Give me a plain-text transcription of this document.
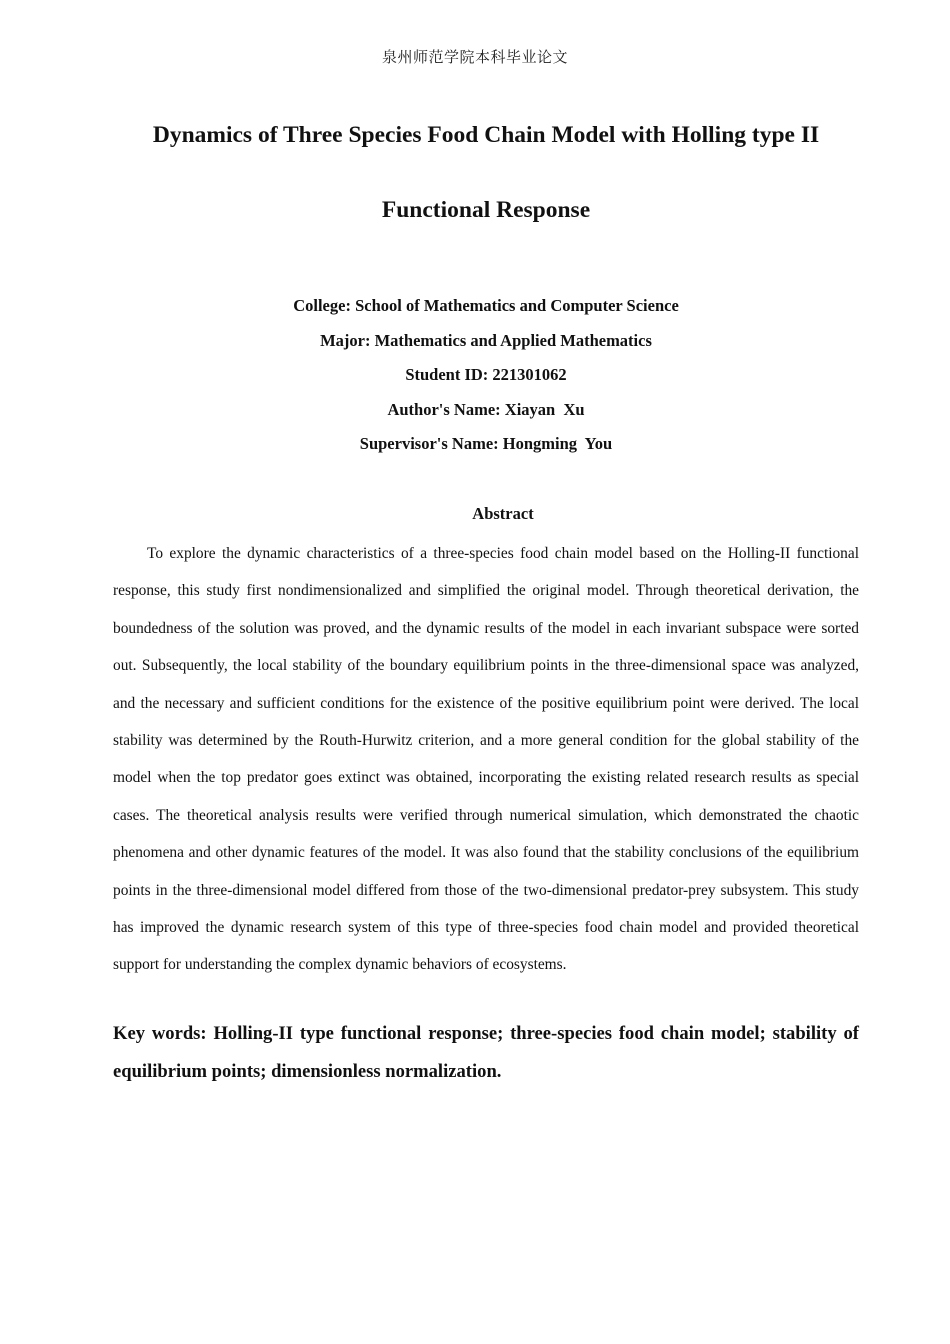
泉州师范学院本科毕业论文
Dynamics of Three Species Food Chain Model with Holling type II
Functional Response
College: School of Mathematics and Computer Science
Major: Mathematics and Applied Mathematics
Student ID: 221301062
Author's Name: Xiayan  Xu
Supervisor's Name: Hongming  You
Abstract
To explore the dynamic characteristics of a three-species food chain model based on the Holling-II functional response, this study first nondimensionalized and simplified the original model. Through theoretical derivation, the boundedness of the solution was proved, and the dynamic results of the model in each invariant subspace were sorted out. Subsequently, the local stability of the boundary equilibrium points in the three-dimensional space was analyzed, and the necessary and sufficient conditions for the existence of the positive equilibrium point were derived. The local stability was determined by the Routh-Hurwitz criterion, and a more general condition for the global stability of the model when the top predator goes extinct was obtained, incorporating the existing related research results as special cases. The theoretical analysis results were verified through numerical simulation, which demonstrated the chaotic phenomena and other dynamic features of the model. It was also found that the stability conclusions of the equilibrium points in the three-dimensional model differed from those of the two-dimensional predator-prey subsystem. This study has improved the dynamic research system of this type of three-species food chain model and provided theoretical support for understanding the complex dynamic behaviors of ecosystems.
Key words: Holling-II type functional response; three-species food chain model; stability of equilibrium points; dimensionless normalization.
